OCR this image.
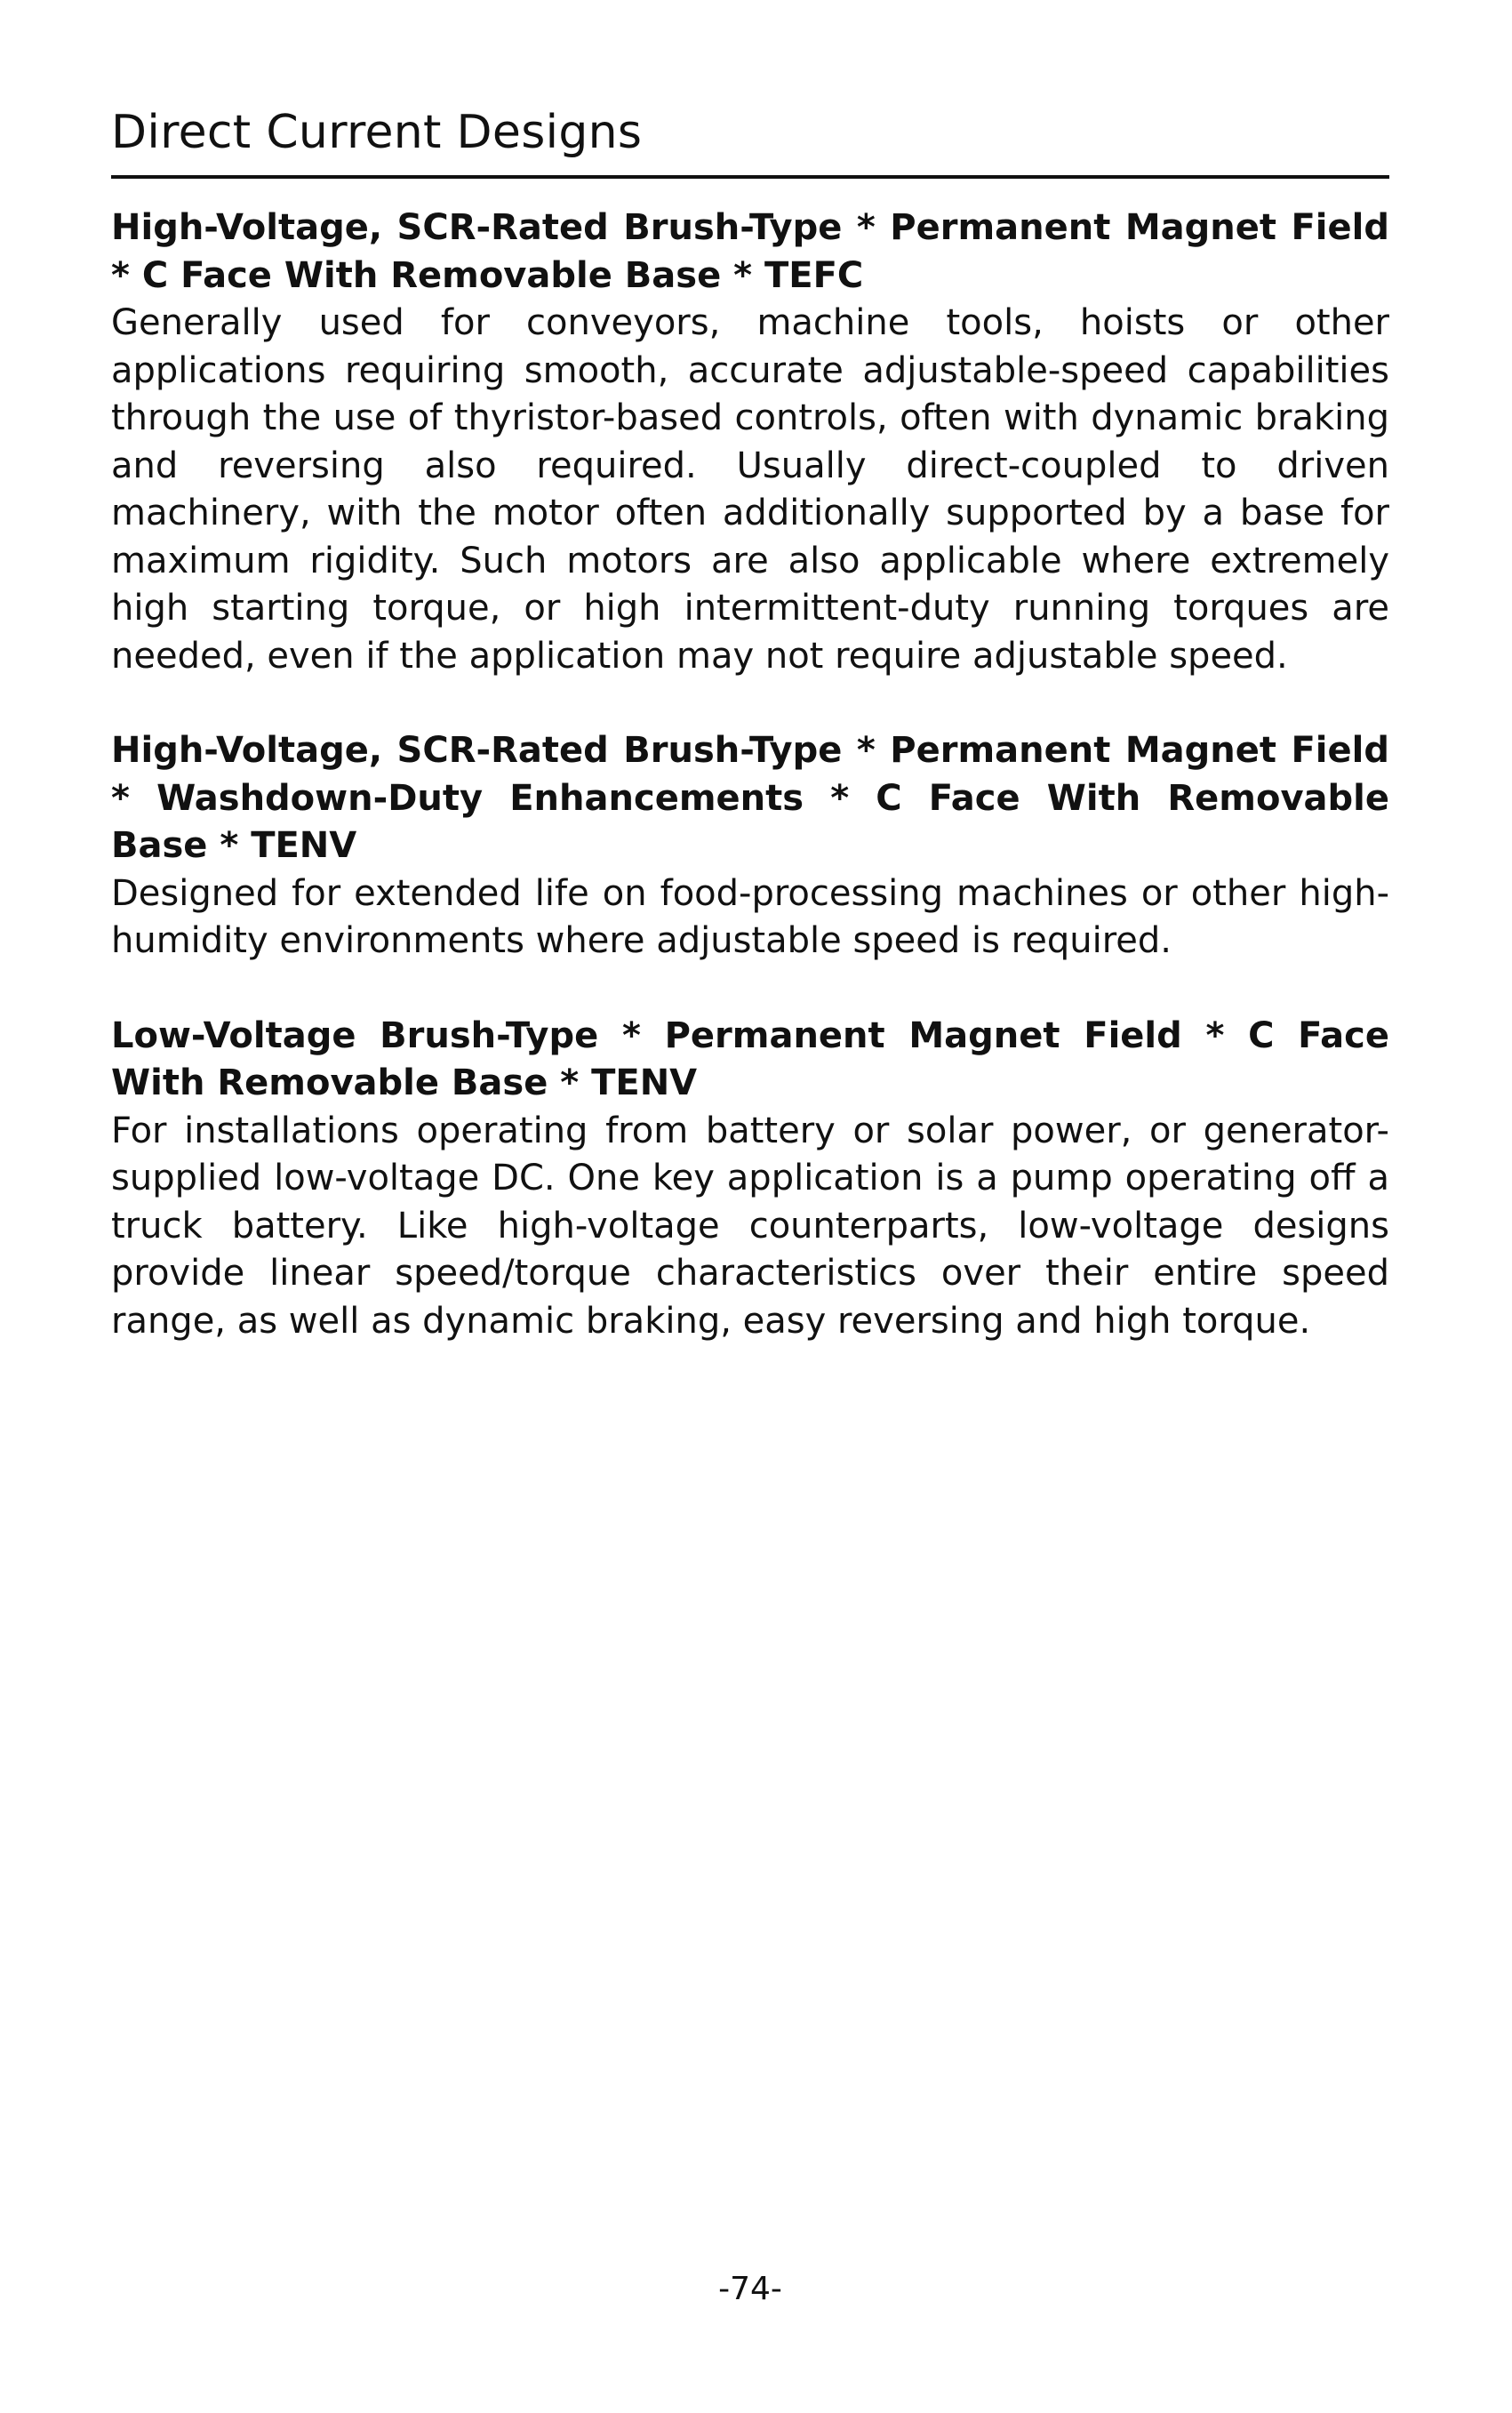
Direct Current Designs

High-Voltage, SCR-Rated Brush-Type * Permanent Magnet Field * C Face With Removable Base * TEFC

Generally used for conveyors, machine tools, hoists or other applications requiring smooth, accurate adjustable-speed capabilities through the use of thyristor-based controls, often with dynamic braking and reversing also required. Usually direct-coupled to driven machinery, with the motor often additionally supported by a base for maximum rigidity. Such motors are also applicable where extremely high starting torque, or high intermittent-duty running torques are needed, even if the application may not require adjustable speed.

High-Voltage, SCR-Rated Brush-Type * Permanent Magnet Field * Washdown-Duty Enhancements * C Face With Removable Base * TENV

Designed for extended life on food-processing machines or other high-humidity environments where adjustable speed is required.

Low-Voltage Brush-Type * Permanent Magnet Field * C Face With Removable Base * TENV

For installations operating from battery or solar power, or generator-supplied low-voltage DC. One key application is a pump operating off a truck battery. Like high-voltage counterparts, low-voltage designs provide linear speed/torque characteristics over their entire speed range, as well as dynamic braking, easy reversing and high torque.

-74-
